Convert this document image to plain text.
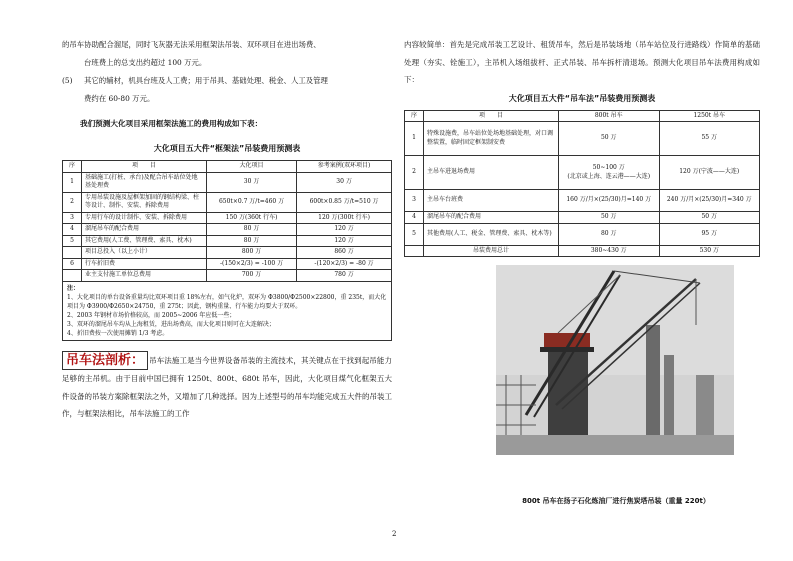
的吊车协助配合溜尾，同时飞灰器无法采用框架法吊装、双环项目在进出场费、

台班费上的总支出约超过 100 万元。

(5)	其它的辅材，机具台班及人工费；用于吊具、基础处理、税金、人工及管理

费约在 60-80 万元。

我们预测大化项目采用框架法施工的费用构成如下表：

大化项目五大件“框架法”吊装费用预测表

序	项　　目	大化项目	参考案例(双环项目)
1	基础施工(打桩、承台)及配合吊车站位处地基处理费	30 万	30 万
2	专用吊装设施及屋框架加固的钢结构梁、柱等设计、制作、安装、拆除费用	650t×0.7 万/t=460 万	600t×0.85 万/t=510 万
3	专用行车的设计制作、安装、拆除费用	150 万(360t 行车)	120 万(300t 行车)
4	溜尾吊车的配合费用	80 万	120 万
5	其它费用(人工费、管理费、索具、枕木)	80 万	120 万
	项目总投入（以上小计）	800 万	860 万
6	行车折旧费	-(150×2/3) = -100 万	-(120×2/3) = -80 万
	业主支付施工单位总费用	700 万	780 万
注：
1、大化项目的单台设备重量均比双环项目重 18%左右，如气化炉，双环为 Φ3800/Φ2500×22800，重 235t，而大化项目为 Φ3900/Φ2650×24750，重 275t；因此，钢构重量、行车能力均要大于双环。
2、2003 年钢材市场价格较高，而 2005~2006 年应低一些；
3、双环的溜尾吊车均从上海租赁，进出场费高，而大化项目则可在大连解决；
4、折旧费按一次使用摊销 1/3 考虑。

吊车法剖析： 吊车法施工是当今世界设备吊装的主流技术，其关键点在于找到起吊能力足够的主吊机。由于目前中国已拥有 1250t、800t、680t 吊车，因此，大化项目煤气化框架五大件设备的吊装方案除框架法之外，又增加了几种选择。因为上述型号的吊车均能完成五大件的吊装工作，与框架法相比，吊车法施工的工作

内容较简单：首先是完成吊装工艺设计、租赁吊车，然后是吊装场地（吊车站位及行进路线）作简单的基础处理（夯实、铨施工），主吊机入场组拔杆、正式吊装、吊车拆杆清退场。预测大化项目吊车法费用构成如下：

大化项目五大件“吊车法”吊装费用预测表

序	项　　目	800t 吊车	1250t 吊车
1	特殊设施费，吊车站位处场地基础处理，对口调整装置，临时固定框架制安费	50 万	55 万
2	主吊车进退场费用	50~100 万
(北京或上海、连云港——大连)	120 万(宁波——大连)
3	主吊车台班费	160 万/月×(25/30)月=140 万	240 万/月×(25/30)月=340 万
4	溜尾吊车的配合费用	50 万	50 万
5	其他费用(人工、税金、管理费、索具、枕木等)	80 万	95 万
	吊装费用总计	380~430 万	530 万
800t 吊车在扬子石化炼油厂进行焦炭塔吊装（重量 220t）
2
